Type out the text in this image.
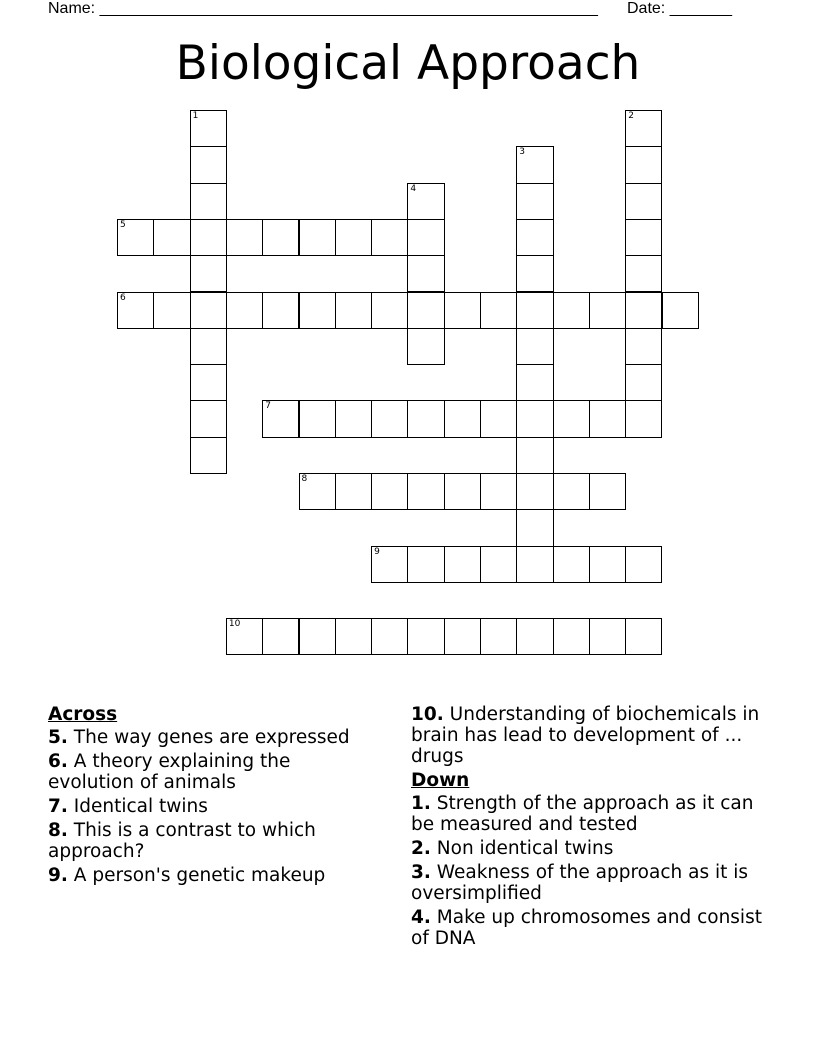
Name: ________________________________________________________ Date: _______
Biological Approach
1	2
3
4
5
6
7
8
9
10
Across
5. The way genes are expressed
6. A theory explaining the evolution of animals
7. Identical twins
8. This is a contrast to which approach?
9. A person's genetic makeup
10. Understanding of biochemicals in brain has lead to development of ... drugs
Down
1. Strength of the approach as it can be measured and tested
2. Non identical twins
3. Weakness of the approach as it is oversimplified
4. Make up chromosomes and consist of DNA
